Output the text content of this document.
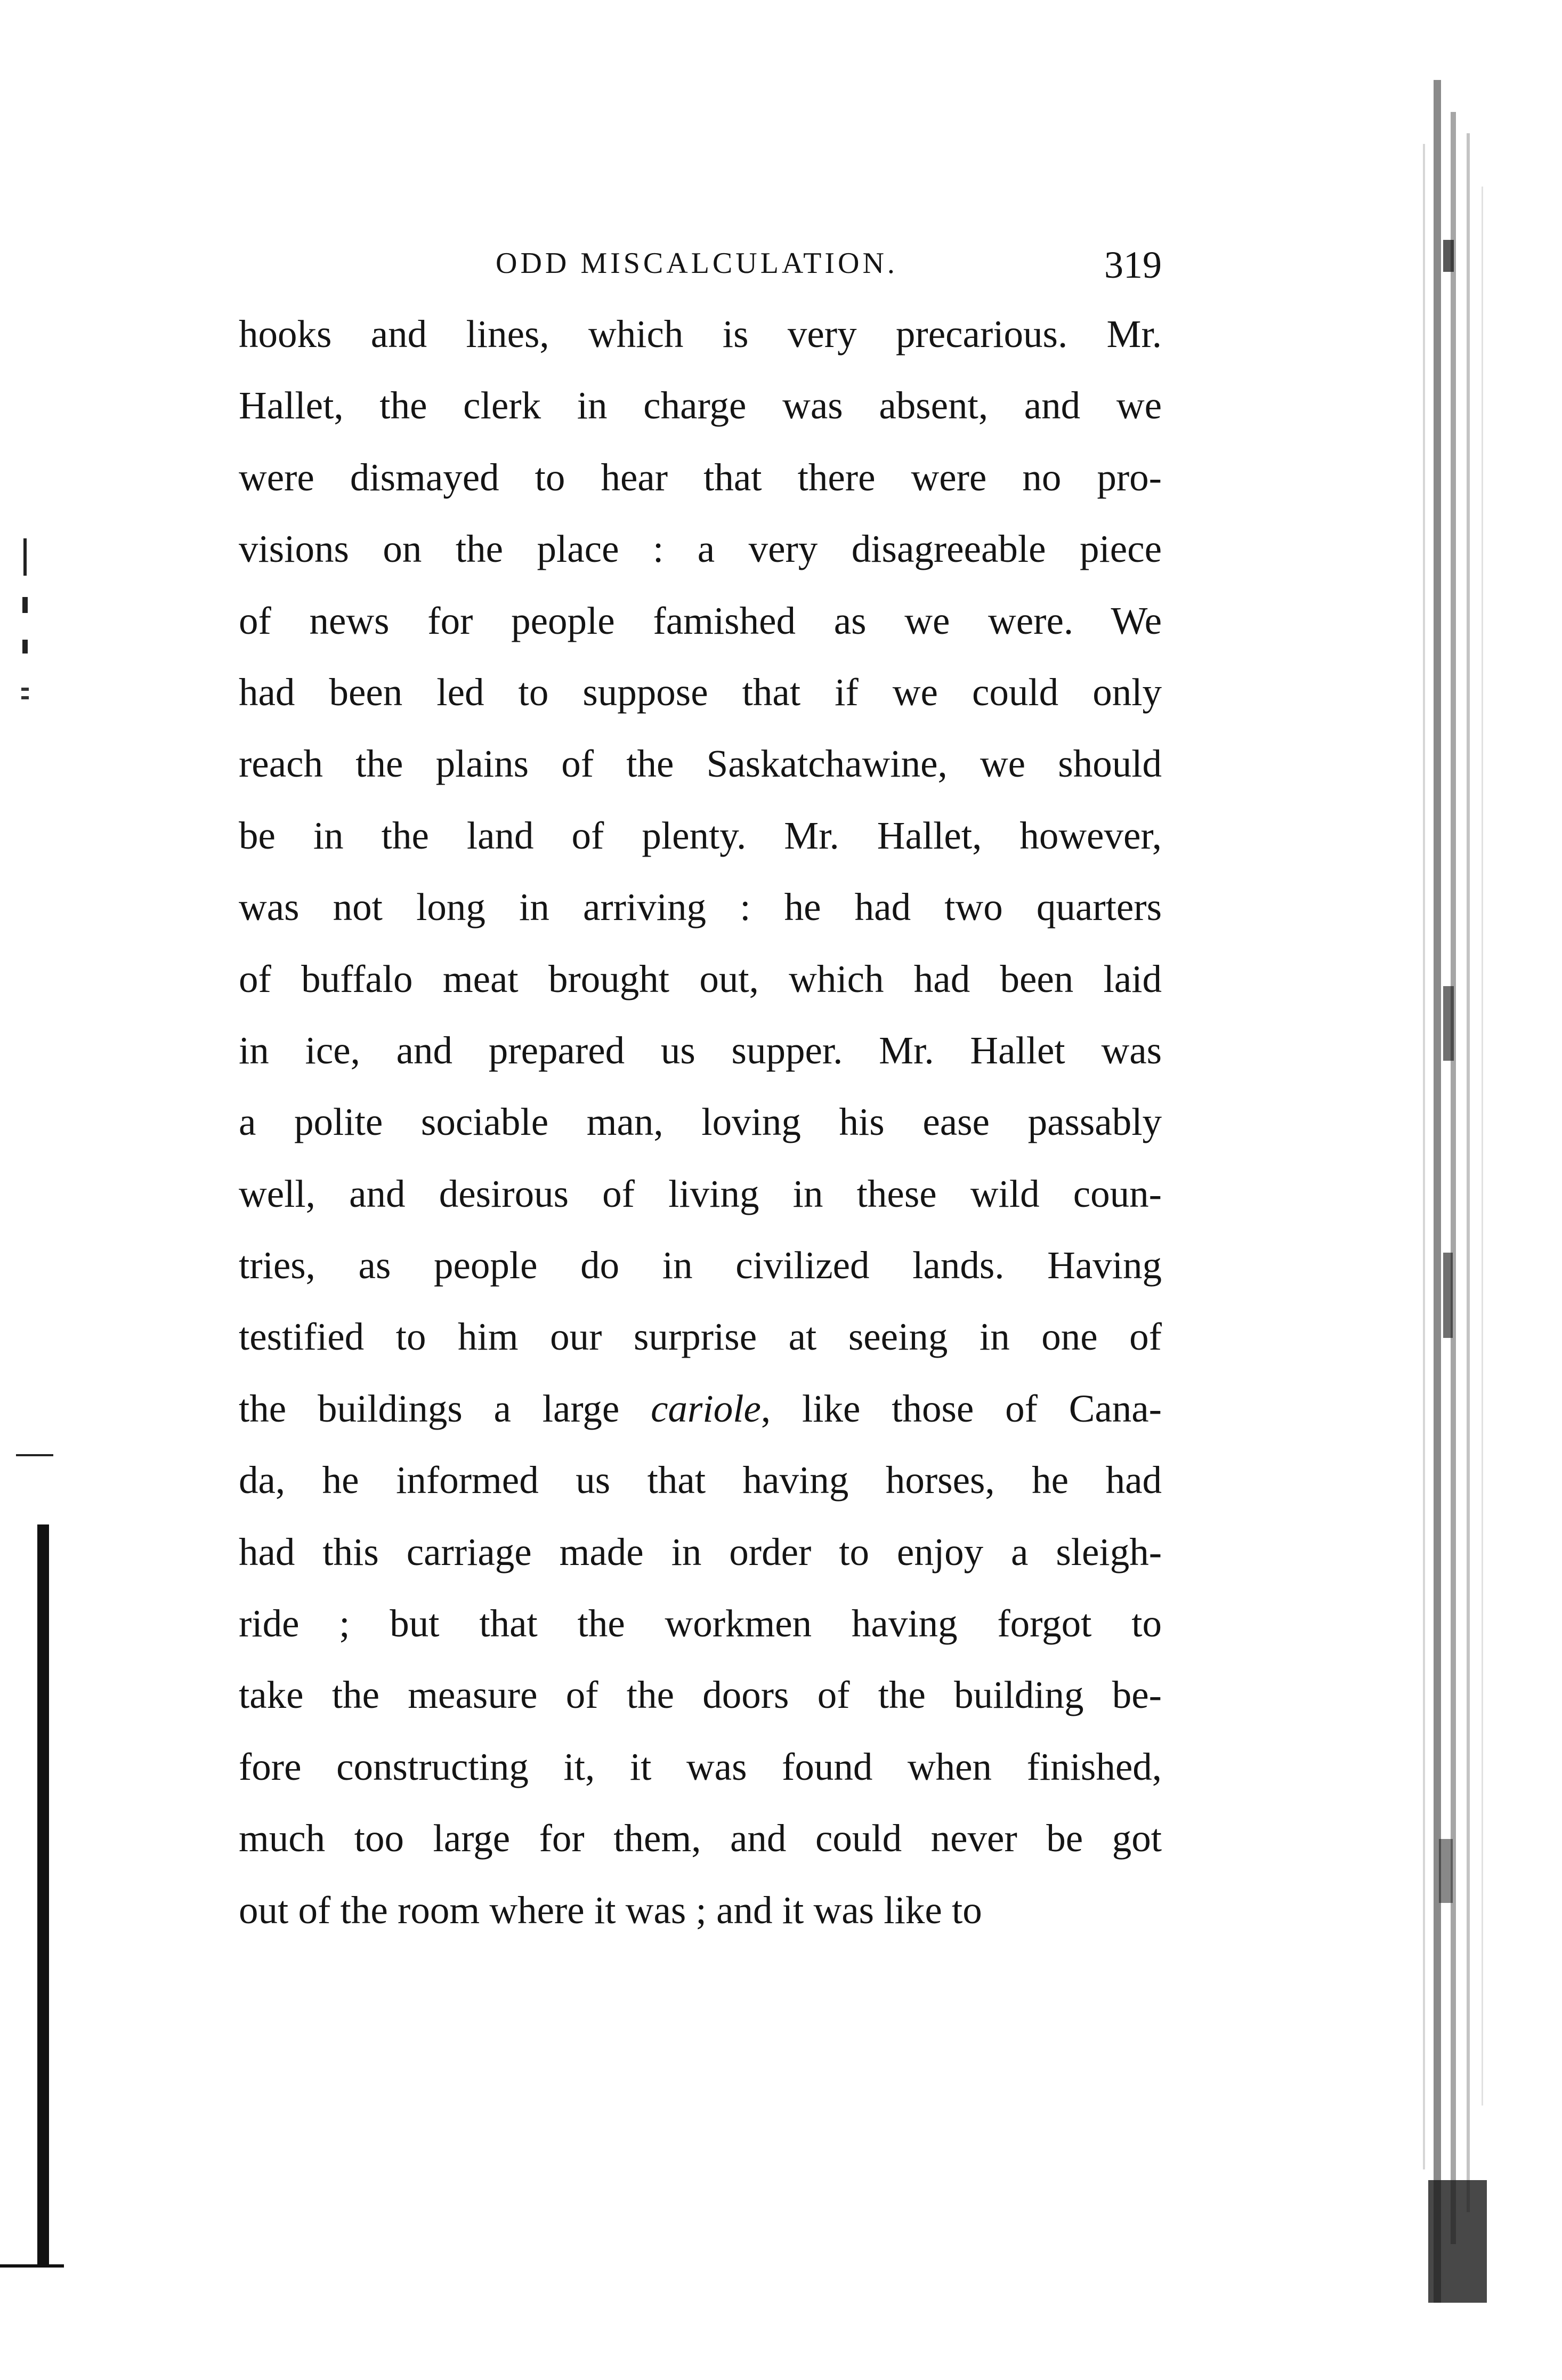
ODD MISCALCULATION.	319
hooks and lines, which is very precarious. Mr.
Hallet, the clerk in charge was absent, and we
were dismayed to hear that there were no pro-
visions on the place : a very disagreeable piece
of news for people famished as we were. We
had been led to suppose that if we could only
reach the plains of the Saskatchawine, we should
be in the land of plenty. Mr. Hallet, however,
was not long in arriving : he had two quarters
of buffalo meat brought out, which had been laid
in ice, and prepared us supper. Mr. Hallet was
a polite sociable man, loving his ease passably
well, and desirous of living in these wild coun-
tries, as people do in civilized lands. Having
testified to him our surprise at seeing in one of
the buildings a large cariole, like those of Cana-
da, he informed us that having horses, he had
had this carriage made in order to enjoy a sleigh-
ride ; but that the workmen having forgot to
take the measure of the doors of the building be-
fore constructing it, it was found when finished,
much too large for them, and could never be got
out of the room where it was ; and it was like to
